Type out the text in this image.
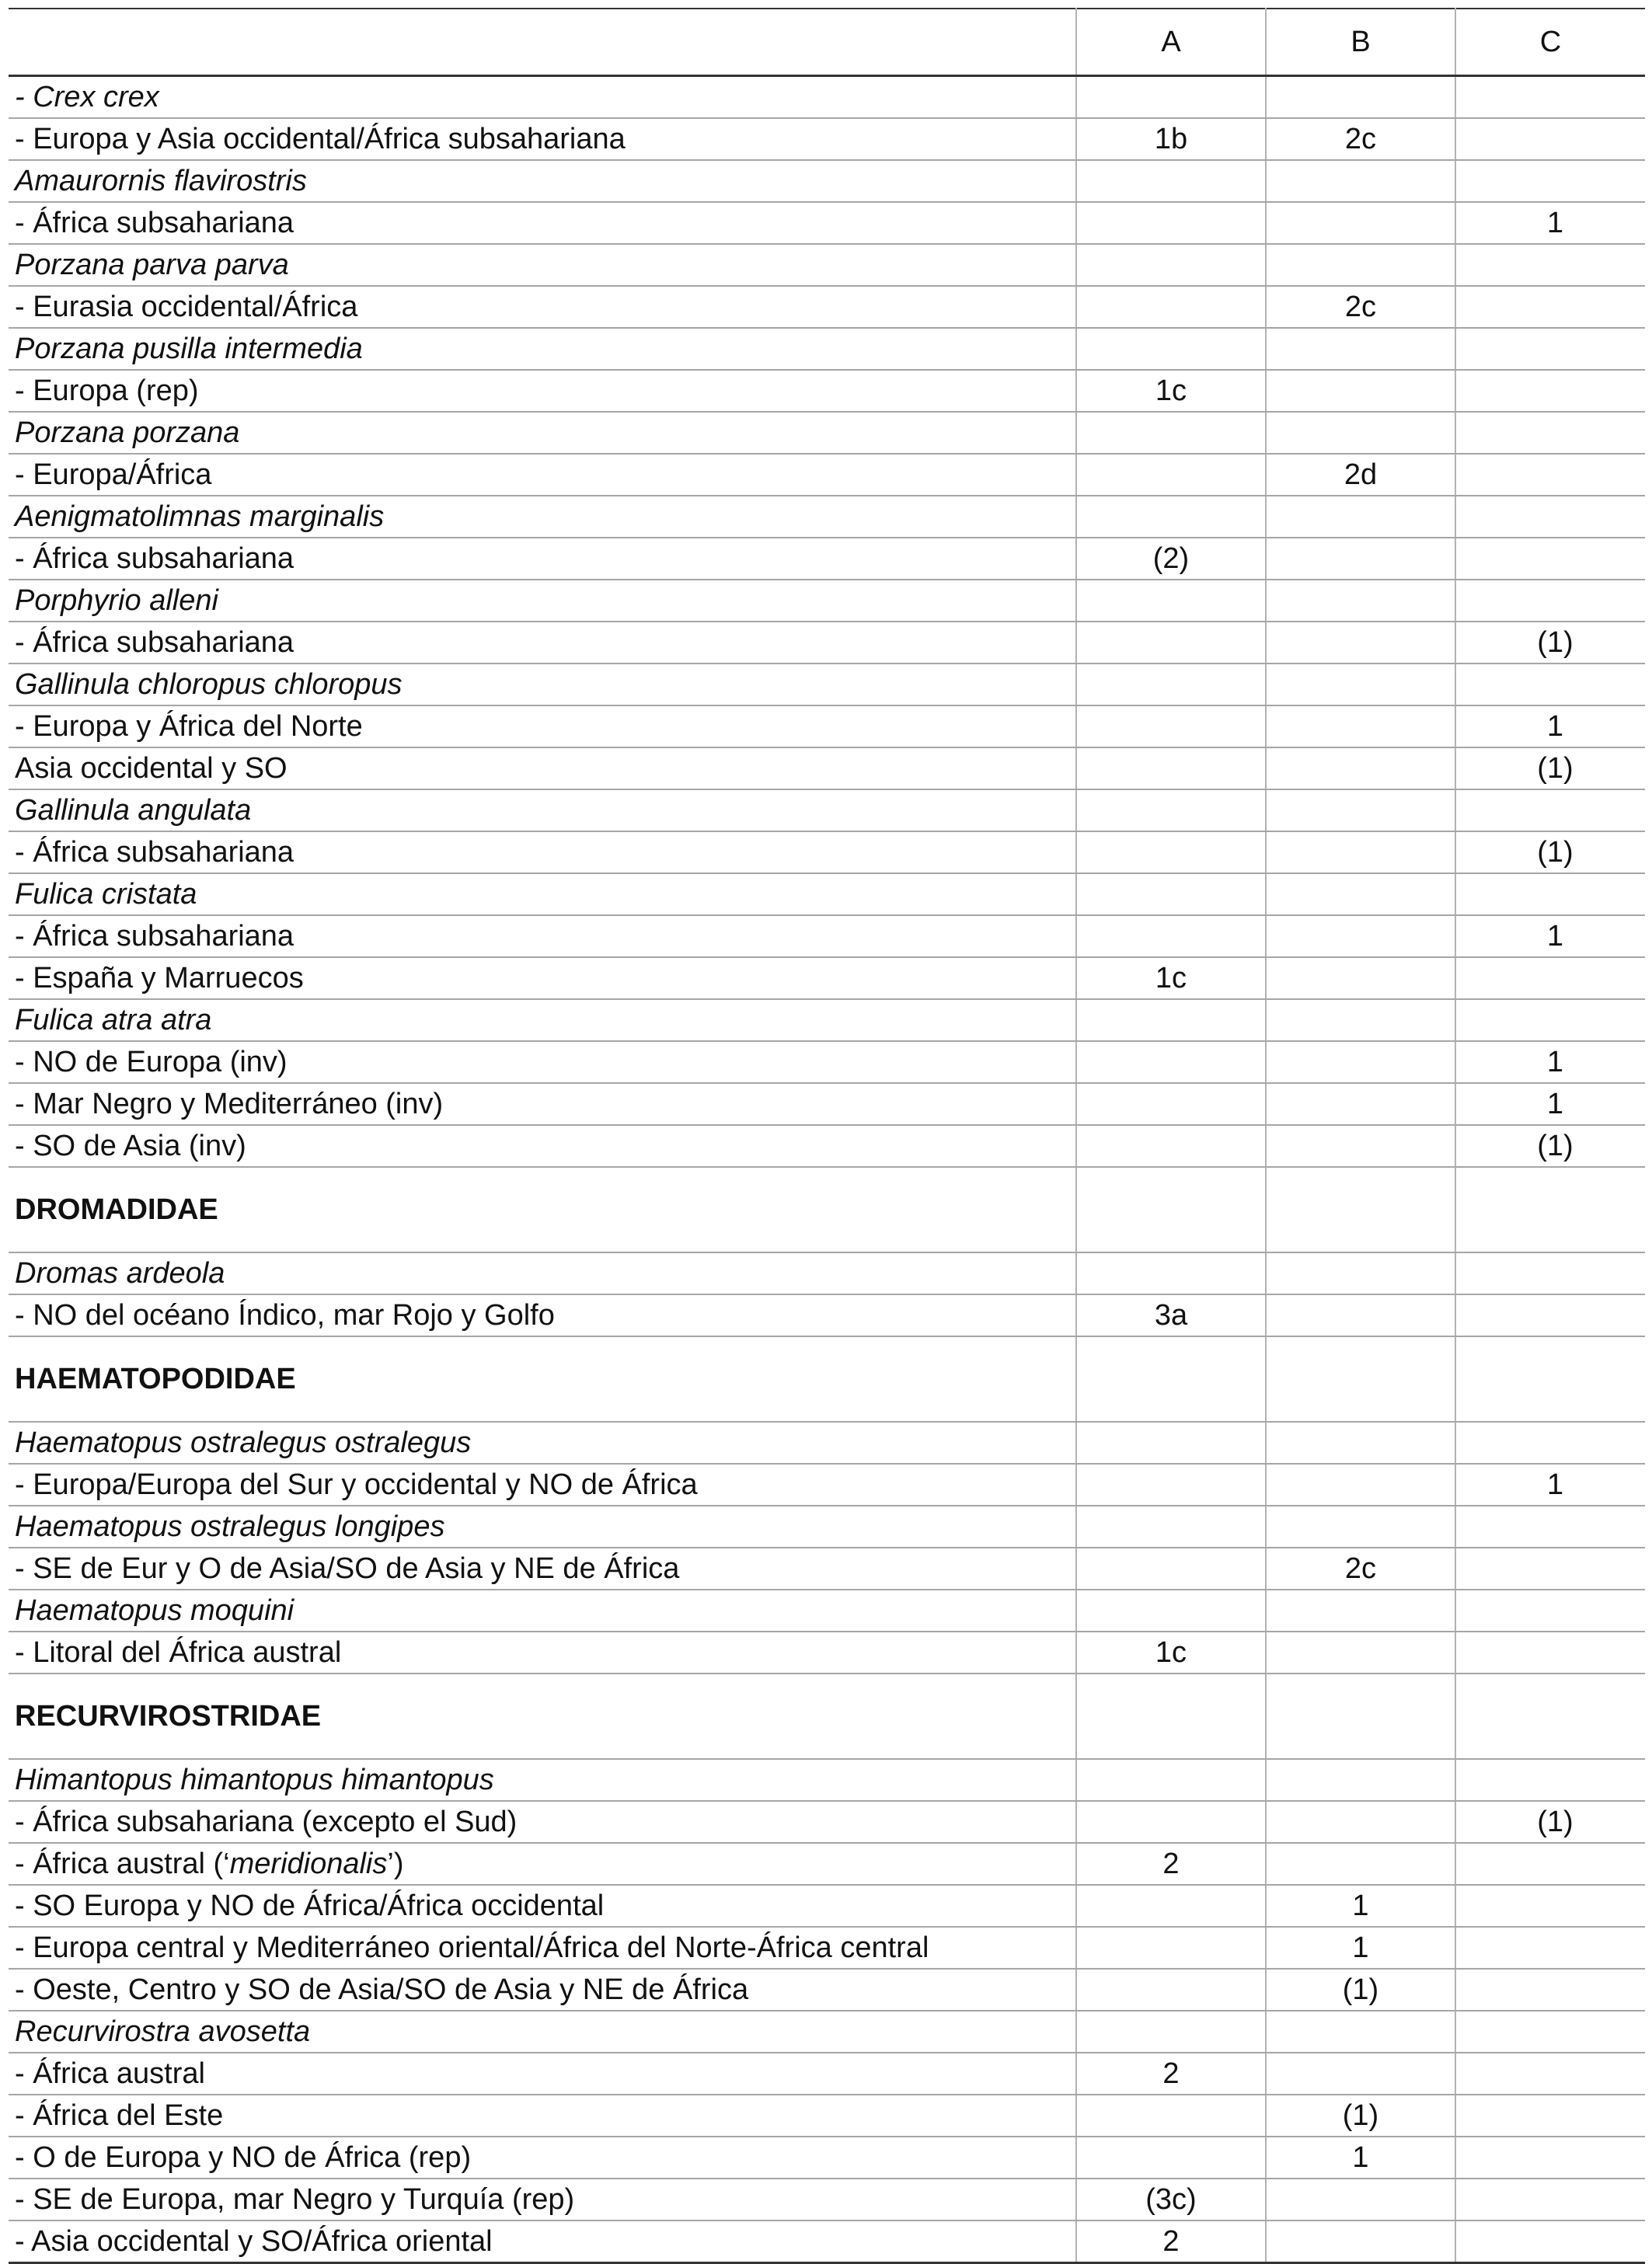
	A	B	C
- Crex crex			
- Europa y Asia occidental/África subsahariana	1b	2c	
Amaurornis flavirostris			
- África subsahariana			1
Porzana parva parva			
- Eurasia occidental/África		2c	
Porzana pusilla intermedia			
- Europa (rep)	1c		
Porzana porzana			
- Europa/África		2d	
Aenigmatolimnas marginalis			
- África subsahariana	(2)		
Porphyrio alleni			
- África subsahariana			(1)
Gallinula chloropus chloropus			
- Europa y África del Norte			1
Asia occidental y SO			(1)
Gallinula angulata			
- África subsahariana			(1)
Fulica cristata			
- África subsahariana			1
- España y Marruecos	1c		
Fulica atra atra			
- NO de Europa (inv)			1
- Mar Negro y Mediterráneo (inv)			1
- SO de Asia (inv)			(1)
DROMADIDAE			
Dromas ardeola			
- NO del océano Índico, mar Rojo y Golfo	3a		
HAEMATOPODIDAE			
Haematopus ostralegus ostralegus			
- Europa/Europa del Sur y occidental y NO de África			1
Haematopus ostralegus longipes			
- SE de Eur y O de Asia/SO de Asia y NE de África		2c	
Haematopus moquini			
- Litoral del África austral	1c		
RECURVIROSTRIDAE			
Himantopus himantopus himantopus			
- África subsahariana (excepto el Sud)			(1)
- África austral (‘meridionalis’)	2		
- SO Europa y NO de África/África occidental		1	
- Europa central y Mediterráneo oriental/África del Norte-África central		1	
- Oeste, Centro y SO de Asia/SO de Asia y NE de África		(1)	
Recurvirostra avosetta			
- África austral	2		
- África del Este		(1)	
- O de Europa y NO de África (rep)		1	
- SE de Europa, mar Negro y Turquía (rep)	(3c)		
- Asia occidental y SO/África oriental	2		
